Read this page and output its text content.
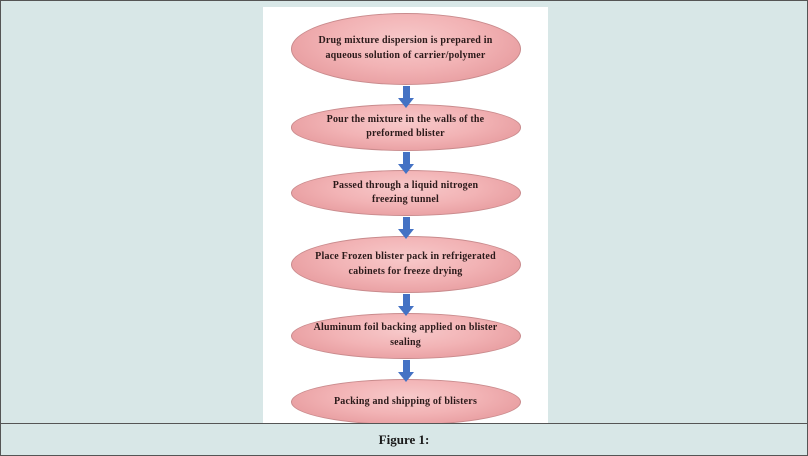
Drug mixture dispersion is prepared in aqueous solution of carrier/polymer
Pour the mixture in the walls of the preformed blister
Passed through a liquid nitrogen freezing tunnel
Place Frozen blister pack in refrigerated cabinets for freeze drying
Aluminum foil backing applied on blister sealing
Packing and shipping of blisters
Figure 1:
